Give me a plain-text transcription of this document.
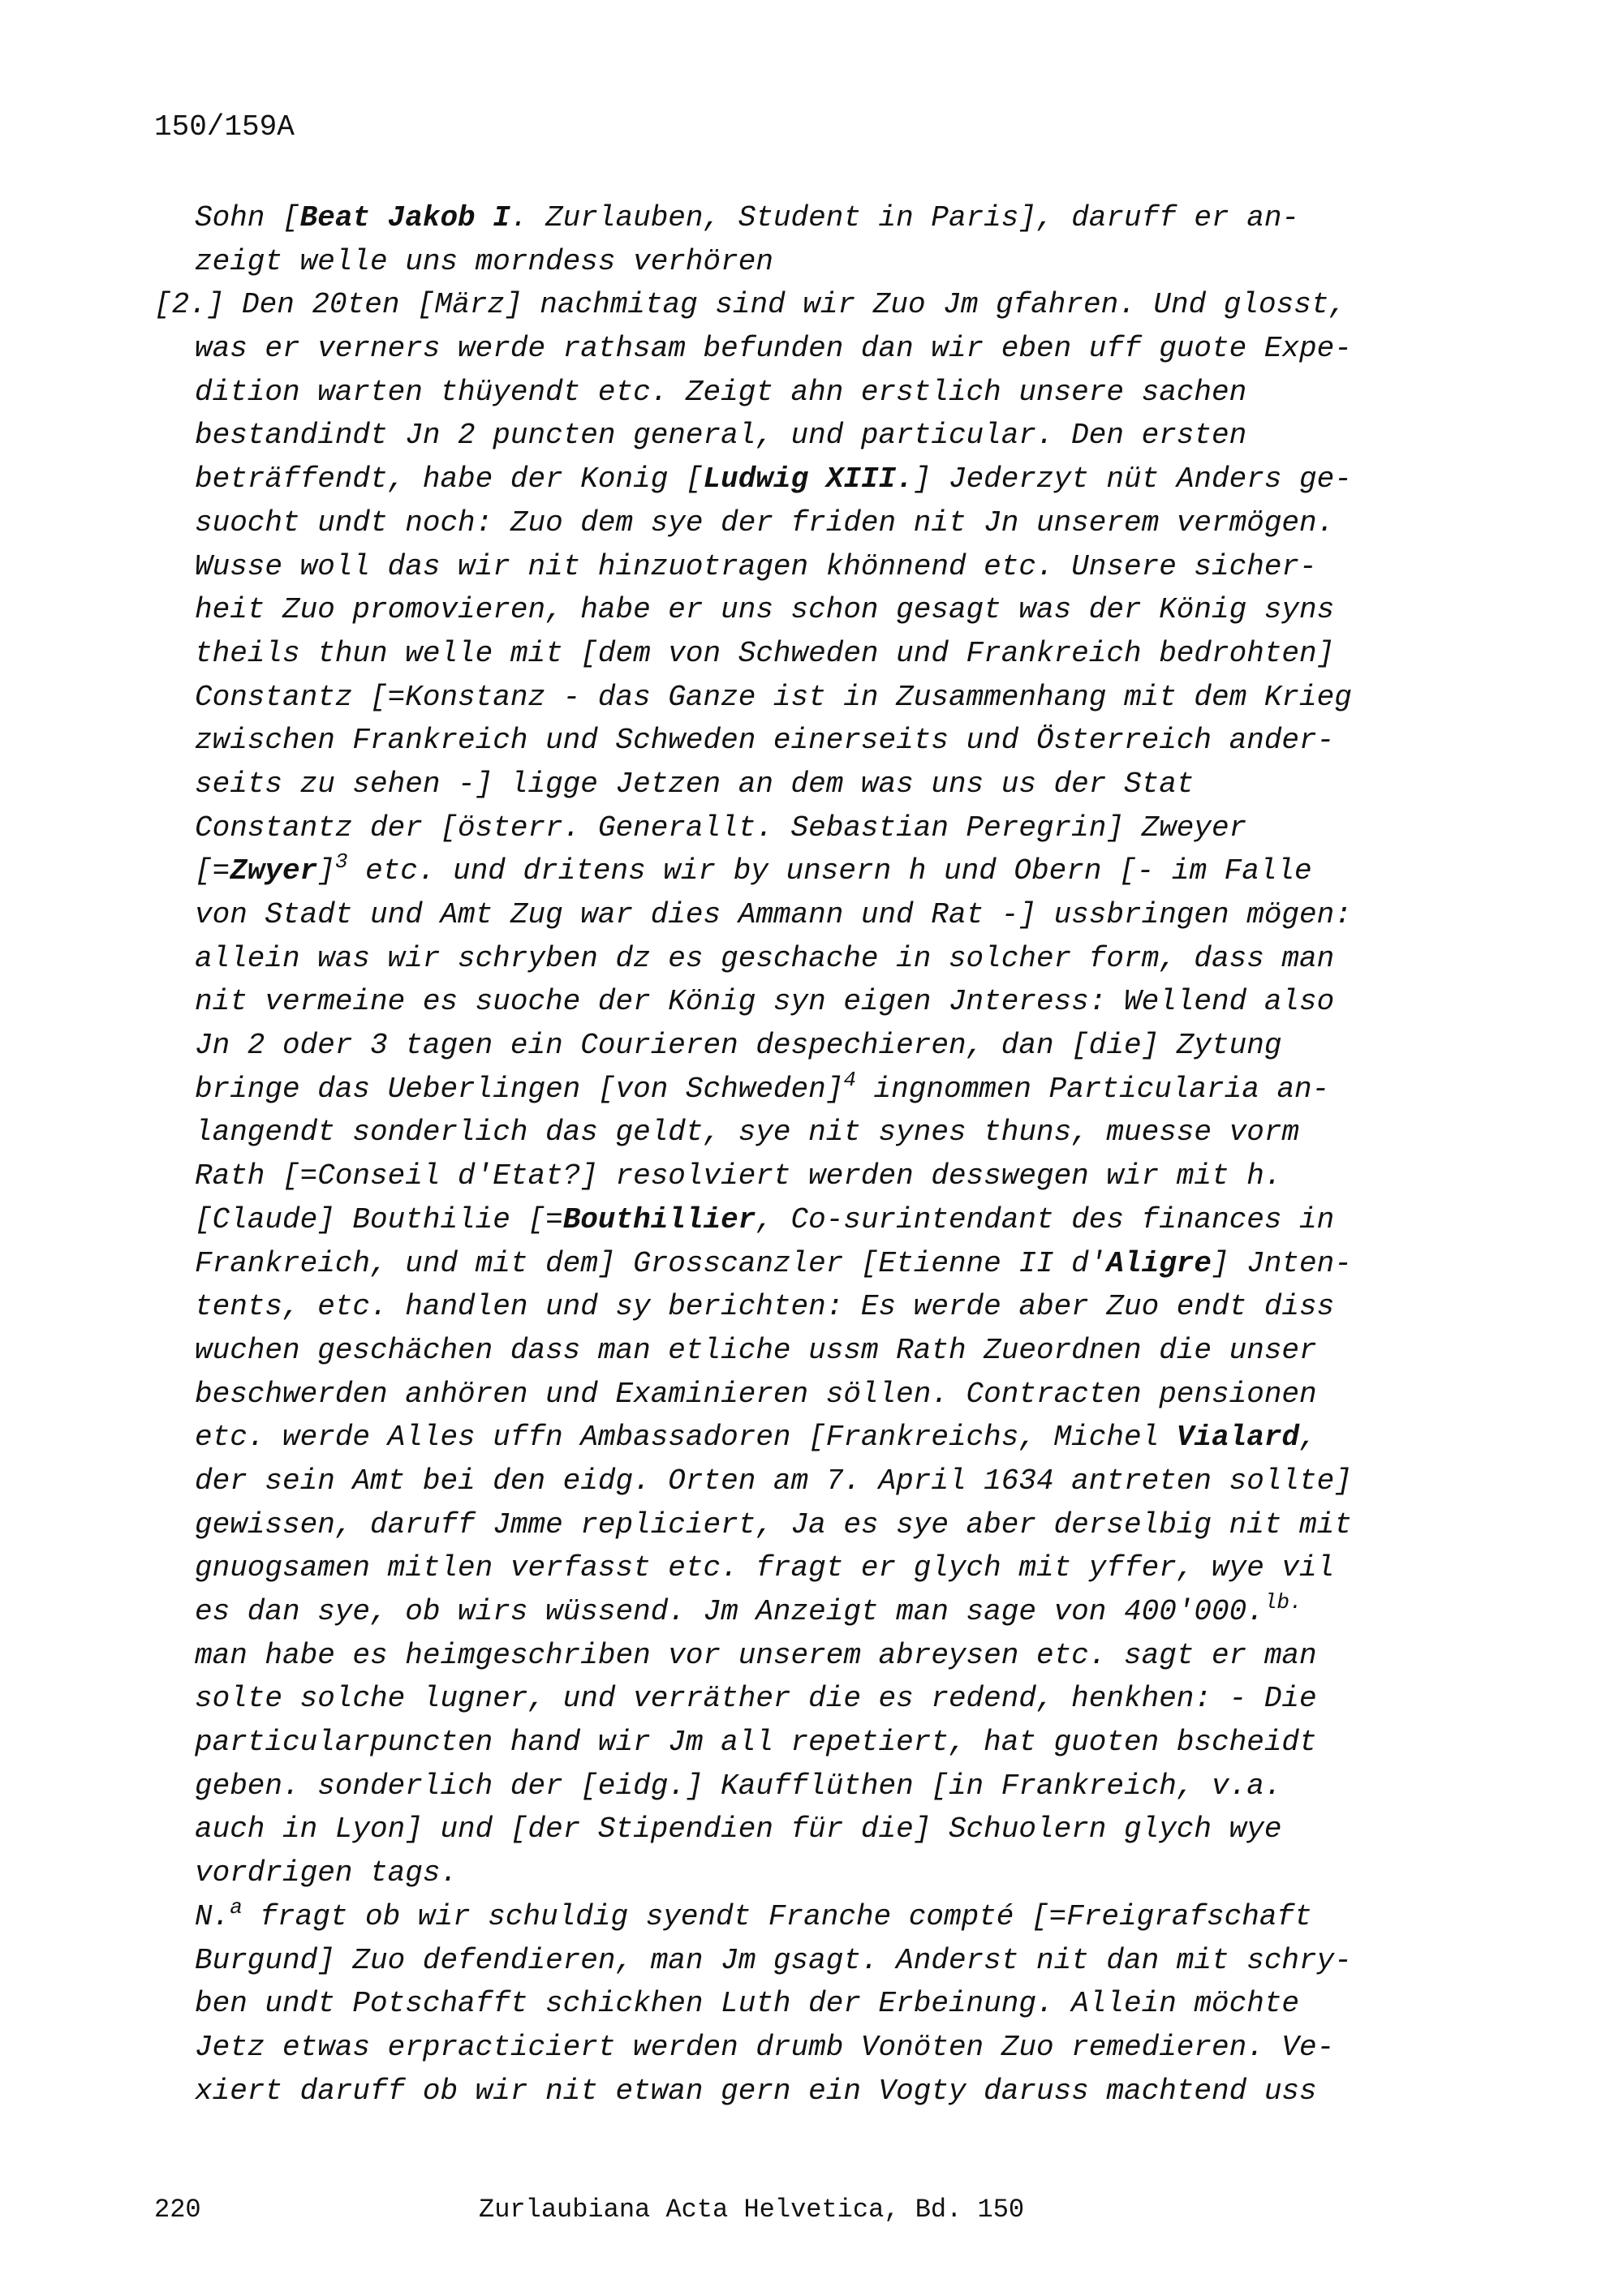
150/159A
Sohn [Beat Jakob I. Zurlauben, Student in Paris], daruff er an-
zeigt welle uns morndess verhören
[2.] Den 20ten [März] nachmitag sind wir Zuo Jm gfahren. Und glosst,
was er verners werde rathsam befunden dan wir eben uff guote Expe-
dition warten thüyendt etc. Zeigt ahn erstlich unsere sachen
bestandindt Jn 2 puncten general, und particular. Den ersten
beträffendt, habe der Konig [Ludwig XIII.] Jederzyt nüt Anders ge-
suocht undt noch: Zuo dem sye der friden nit Jn unserem vermögen.
Wusse woll das wir nit hinzuotragen khönnend etc. Unsere sicher-
heit Zuo promovieren, habe er uns schon gesagt was der König syns
theils thun welle mit [dem von Schweden und Frankreich bedrohten]
Constantz [=Konstanz - das Ganze ist in Zusammenhang mit dem Krieg
zwischen Frankreich und Schweden einerseits und Österreich ander-
seits zu sehen -] ligge Jetzen an dem was uns us der Stat
Constantz der [österr. Generallt. Sebastian Peregrin] Zweyer
[=Zwyer]$^3$ etc. und dritens wir by unsern h und Obern [- im Falle
von Stadt und Amt Zug war dies Ammann und Rat -] ussbringen mögen:
allein was wir schryben dz es geschache in solcher form, dass man
nit vermeine es suoche der König syn eigen Jnteress: Wellend also
Jn 2 oder 3 tagen ein Courieren despechieren, dan [die] Zytung
bringe das Ueberlingen [von Schweden]$^4$ ingnommen Particularia an-
langendt sonderlich das geldt, sye nit synes thuns, muesse vorm
Rath [=Conseil d'Etat?] resolviert werden desswegen wir mit h.
[Claude] Bouthilie [=Bouthillier, Co-surintendant des finances in
Frankreich, und mit dem] Grosscanzler [Etienne II d'Aligre] Jnten-
tents, etc. handlen und sy berichten: Es werde aber Zuo endt diss
wuchen geschächen dass man etliche ussm Rath Zueordnen die unser
beschwerden anhören und Examinieren söllen. Contracten pensionen
etc. werde Alles uffn Ambassadoren [Frankreichs, Michel Vialard,
der sein Amt bei den eidg. Orten am 7. April 1634 antreten sollte]
gewissen, daruff Jmme repliciert, Ja es sye aber derselbig nit mit
gnuogsamen mitlen verfasst etc. fragt er glych mit yffer, wye vil
es dan sye, ob wirs wüssend. Jm Anzeigt man sage von 400'000.$^{lb.}$
man habe es heimgeschriben vor unserem abreysen etc. sagt er man
solte solche lugner, und verräther die es redend, henkhen: - Die
particularpuncten hand wir Jm all repetiert, hat guoten bscheidt
geben. sonderlich der [eidg.] Kaufflüthen [in Frankreich, v.a.
auch in Lyon] und [der Stipendien für die] Schuolern glych wye
vordrigen tags.
N.$^a$ fragt ob wir schuldig syendt Franche compté [=Freigrafschaft
Burgund] Zuo defendieren, man Jm gsagt. Anderst nit dan mit schry-
ben undt Potschafft schickhen Luth der Erbeinung. Allein möchte
Jetz etwas erpracticiert werden drumb Vonöten Zuo remedieren. Ve-
xiert daruff ob wir nit etwan gern ein Vogty daruss machtend uss
220	Zurlaubiana Acta Helvetica, Bd. 150
